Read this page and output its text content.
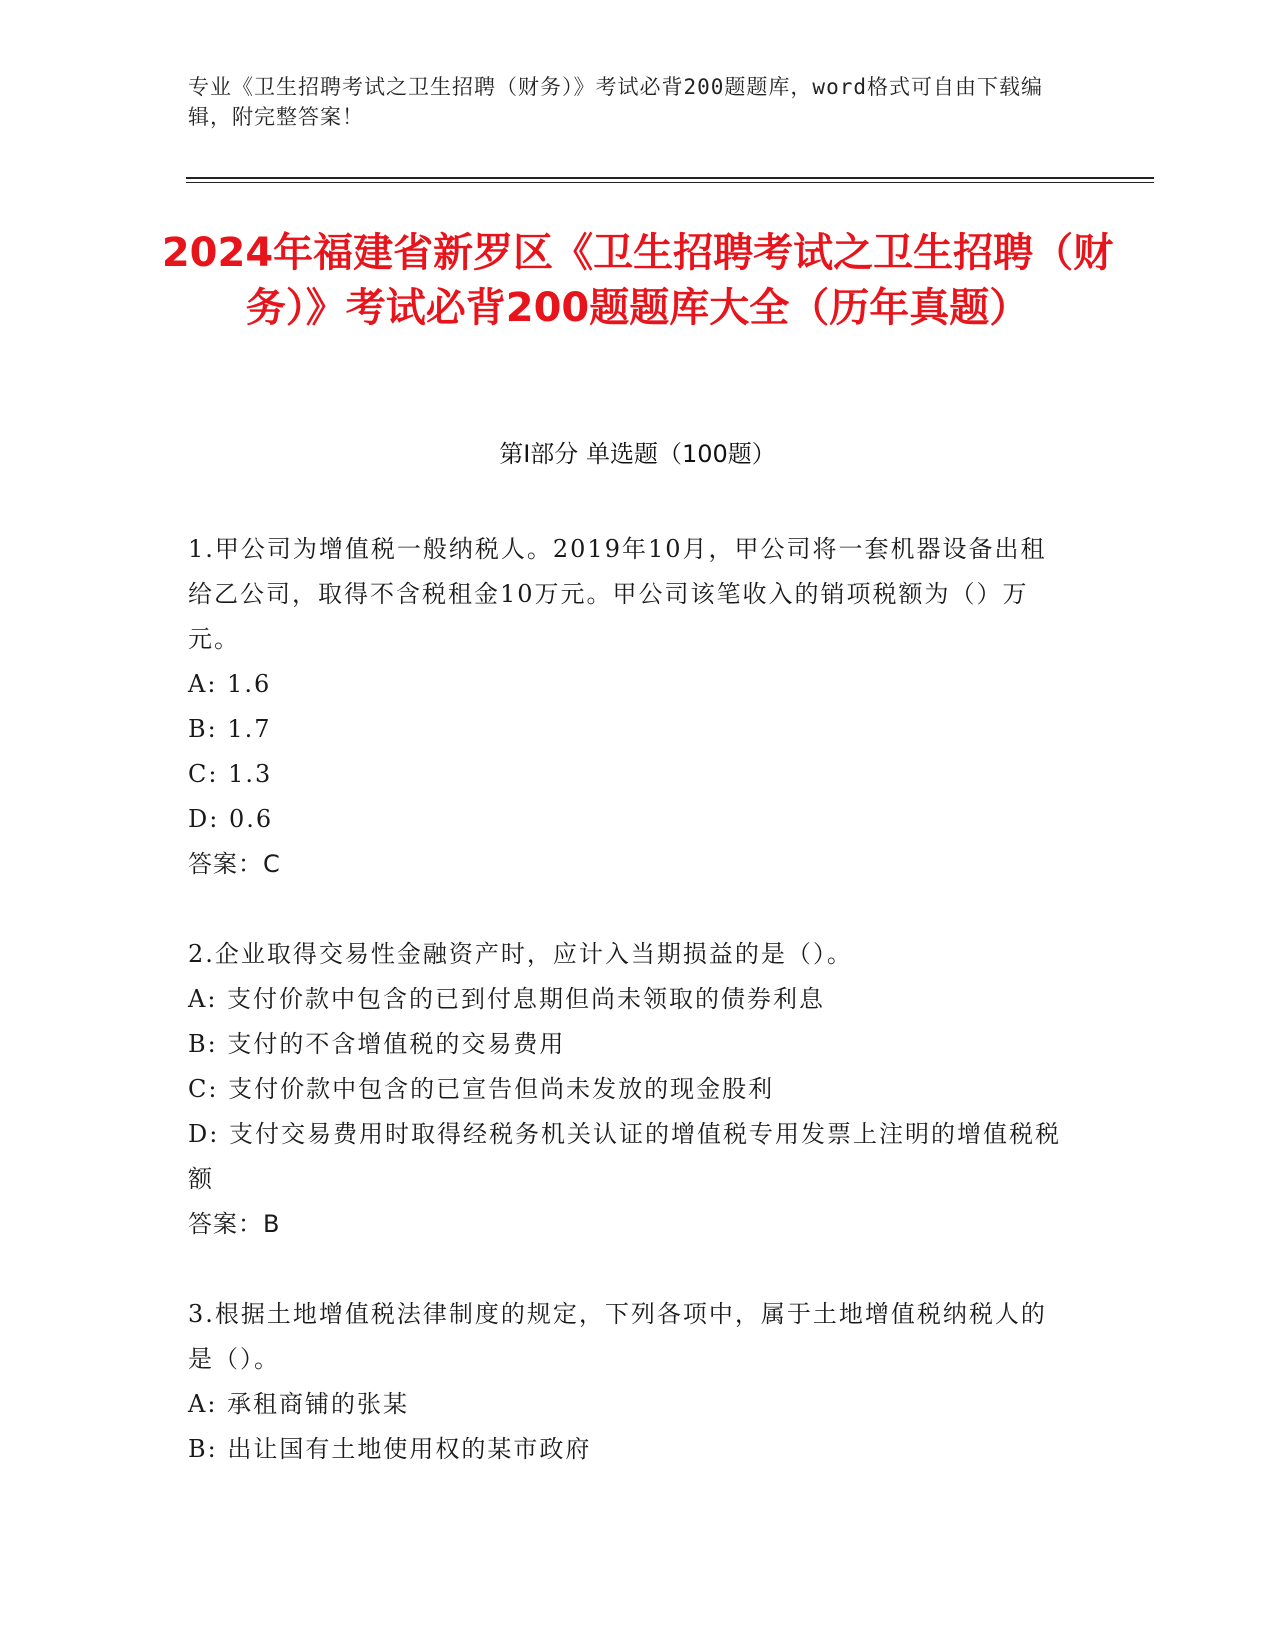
专业《卫生招聘考试之卫生招聘（财务）》考试必背200题题库，word格式可自由下载编辑，附完整答案！
2024年福建省新罗区《卫生招聘考试之卫生招聘（财务）》考试必背200题题库大全（历年真题）
第I部分 单选题（100题）

1.甲公司为增值税一般纳税人。2019年10月，甲公司将一套机器设备出租给乙公司，取得不含税租金10万元。甲公司该笔收入的销项税额为（）万元。

A: 1.6

B: 1.7

C: 1.3

D: 0.6

答案：C

2.企业取得交易性金融资产时，应计入当期损益的是（）。

A: 支付价款中包含的已到付息期但尚未领取的债券利息

B: 支付的不含增值税的交易费用

C: 支付价款中包含的已宣告但尚未发放的现金股利

D: 支付交易费用时取得经税务机关认证的增值税专用发票上注明的增值税税额

答案：B

3.根据土地增值税法律制度的规定，下列各项中，属于土地增值税纳税人的是（）。

A: 承租商铺的张某

B: 出让国有土地使用权的某市政府
